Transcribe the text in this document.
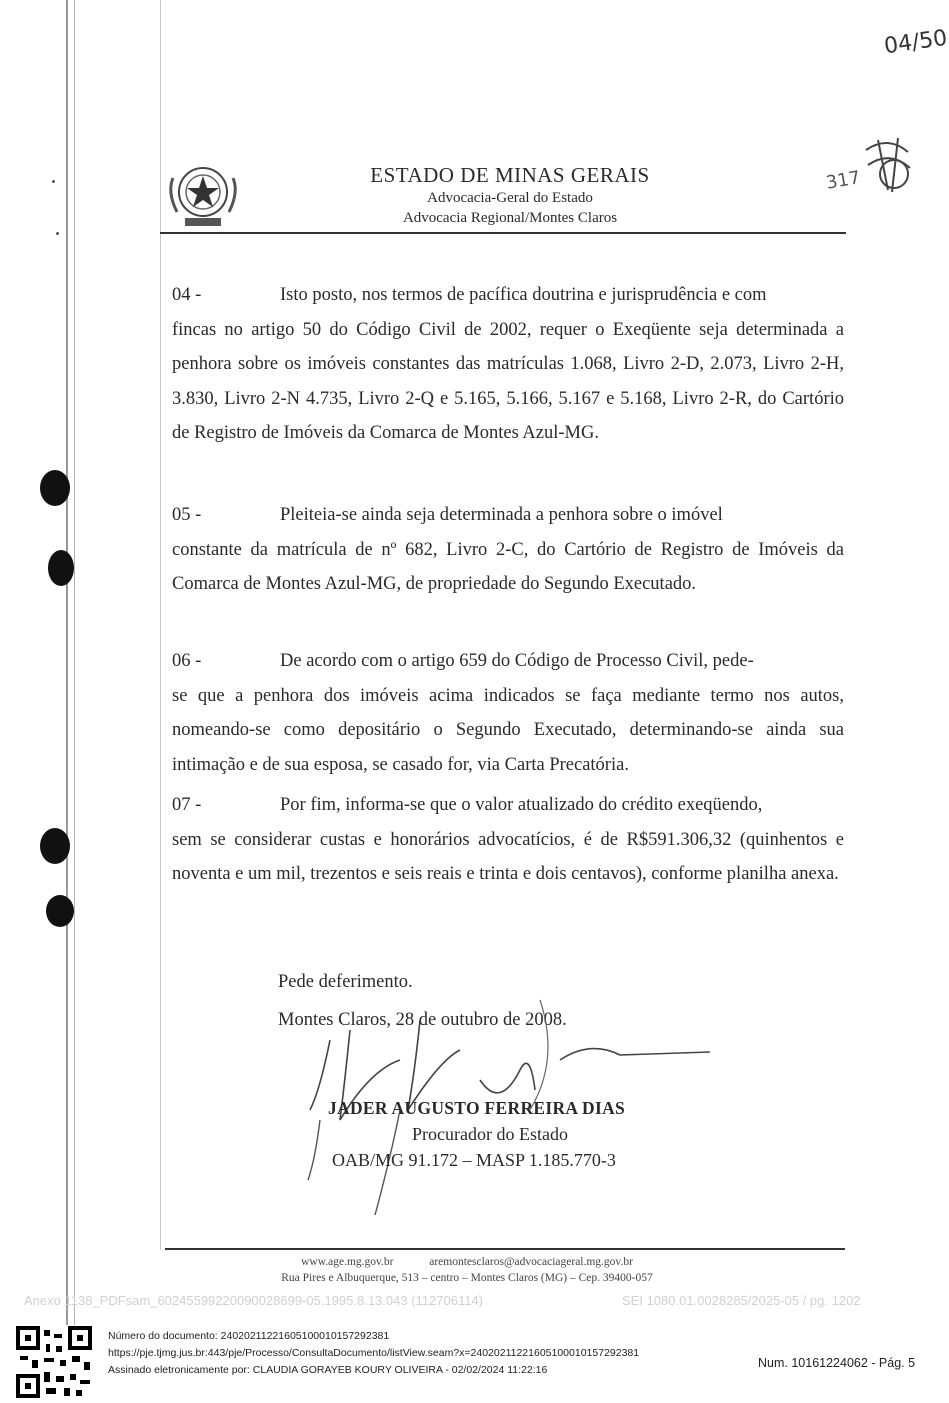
ESTADO DE MINAS GERAIS
Advocacia-Geral do Estado
Advocacia Regional/Montes Claros
04/50
317
04 -	Isto posto, nos termos de pacífica doutrina e jurisprudência e com
fincas no artigo 50 do Código Civil de 2002, requer o Exeqüente seja determinada a penhora sobre os imóveis constantes das matrículas 1.068, Livro 2-D, 2.073, Livro 2-H, 3.830, Livro 2-N 4.735, Livro 2-Q e 5.165, 5.166, 5.167 e 5.168, Livro 2-R, do Cartório de Registro de Imóveis da Comarca de Montes Azul-MG.
05 -	Pleiteia-se ainda seja determinada a penhora sobre o imóvel
constante da matrícula de nº 682, Livro 2-C, do Cartório de Registro de Imóveis da Comarca de Montes Azul-MG, de propriedade do Segundo Executado.
06 -	De acordo com o artigo 659 do Código de Processo Civil, pede-
se que a penhora dos imóveis acima indicados se faça mediante termo nos autos, nomeando-se como depositário o Segundo Executado, determinando-se ainda sua intimação e de sua esposa, se casado for, via Carta Precatória.
07 -	Por fim, informa-se que o valor atualizado do crédito exeqüendo,
sem se considerar custas e honorários advocatícios, é de R$591.306,32 (quinhentos e noventa e um mil, trezentos e seis reais e trinta e dois centavos), conforme planilha anexa.
Pede deferimento.
Montes Claros, 28 de outubro de 2008.
JADER AUGUSTO FERREIRA DIAS
Procurador do Estado
OAB/MG 91.172 – MASP 1.185.770-3
www.age.mg.gov.br	aremontesclaros@advocaciageral.mg.gov.br
Rua Pires e Albuquerque, 513 – centro – Montes Claros (MG) – Cep. 39400-057
Anexo 1138_PDFsam_60245599220090028699-05.1995.8.13.043 (112706114)	SEI 1080.01.0028285/2025-05 / pg. 1202
Número do documento: 24020211221605100010157292381
https://pje.tjmg.jus.br:443/pje/Processo/ConsultaDocumento/listView.seam?x=24020211221605100010157292381
Assinado eletronicamente por: CLAUDIA GORAYEB KOURY OLIVEIRA - 02/02/2024 11:22:16	Num. 10161224062 - Pág. 5
